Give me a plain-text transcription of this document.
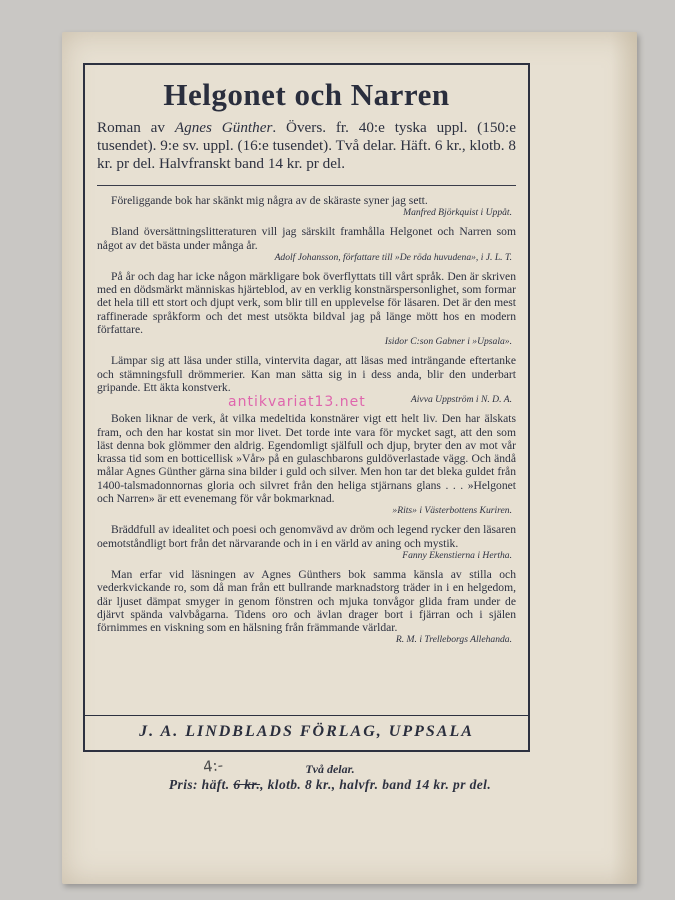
Helgonet och Narren

Roman av Agnes Günther. Övers. fr. 40:e tyska uppl. (150:e tusendet). 9:e sv. uppl. (16:e tusendet). Två delar. Häft. 6 kr., klotb. 8 kr. pr del. Halvfranskt band 14 kr. pr del.

Föreliggande bok har skänkt mig några av de skäraste syner jag sett.
Manfred Björkquist i Uppåt.
Bland översättningslitteraturen vill jag särskilt framhålla Helgonet och Narren som något av det bästa under många år.
Adolf Johansson, författare till »De röda huvudena», i J. L. T.
På år och dag har icke någon märkligare bok överflyttats till vårt språk. Den är skriven med en dödsmärkt människas hjärteblod, av en verklig konstnärspersonlighet, som formar det hela till ett stort och djupt verk, som blir till en upplevelse för läsaren. Det är den mest raffinerade språkform och det mest utsökta bildval jag på länge mött hos en modern författare.
Isidor C:son Gabner i »Upsala».
Lämpar sig att läsa under stilla, vintervita dagar, att läsas med inträngande eftertanke och stämningsfull drömmerier. Kan man sätta sig in i dess anda, blir den underbart gripande. Ett äkta konstverk.
Aivva Uppström i N. D. A.
Boken liknar de verk, åt vilka medeltida konstnärer vigt ett helt liv. Den har älskats fram, och den har kostat sin mor livet. Det torde inte vara för mycket sagt, att den som läst denna bok glömmer den aldrig. Egendomligt själfull och djup, bryter den av mot vår krassa tid som en botticellisk »Vår» på en gulaschbarons guldöverlastade vägg. Och ändå målar Agnes Günther gärna sina bilder i guld och silver. Men hon tar det bleka guldet från 1400-talsmadonnornas gloria och silvret från den heliga stjärnans glans . . . »Helgonet och Narren» är ett evenemang för vår bokmarknad.
»Rits» i Västerbottens Kuriren.
Bräddfull av idealitet och poesi och genomvävd av dröm och legend rycker den läsaren oemotståndligt bort från det närvarande och in i en värld av aning och mystik.
Fanny Ekenstierna i Hertha.
Man erfar vid läsningen av Agnes Günthers bok samma känsla av stilla och vederkvickande ro, som då man från ett bullrande marknadstorg träder in i en helgedom, där ljuset dämpat smyger in genom fönstren och mjuka tonvågor glida fram under de djärvt spända valvbågarna. Tidens oro och ävlan drager bort i fjärran och i själen förnimmes en viskning som en hälsning från främmande världar.
R. M. i Trelleborgs Allehanda.
J. A. LINDBLADS FÖRLAG, UPPSALA
antikvariat13.net
4:-	Två delar.
Pris: häft. 6 kr., klotb. 8 kr., halvfr. band 14 kr. pr del.
